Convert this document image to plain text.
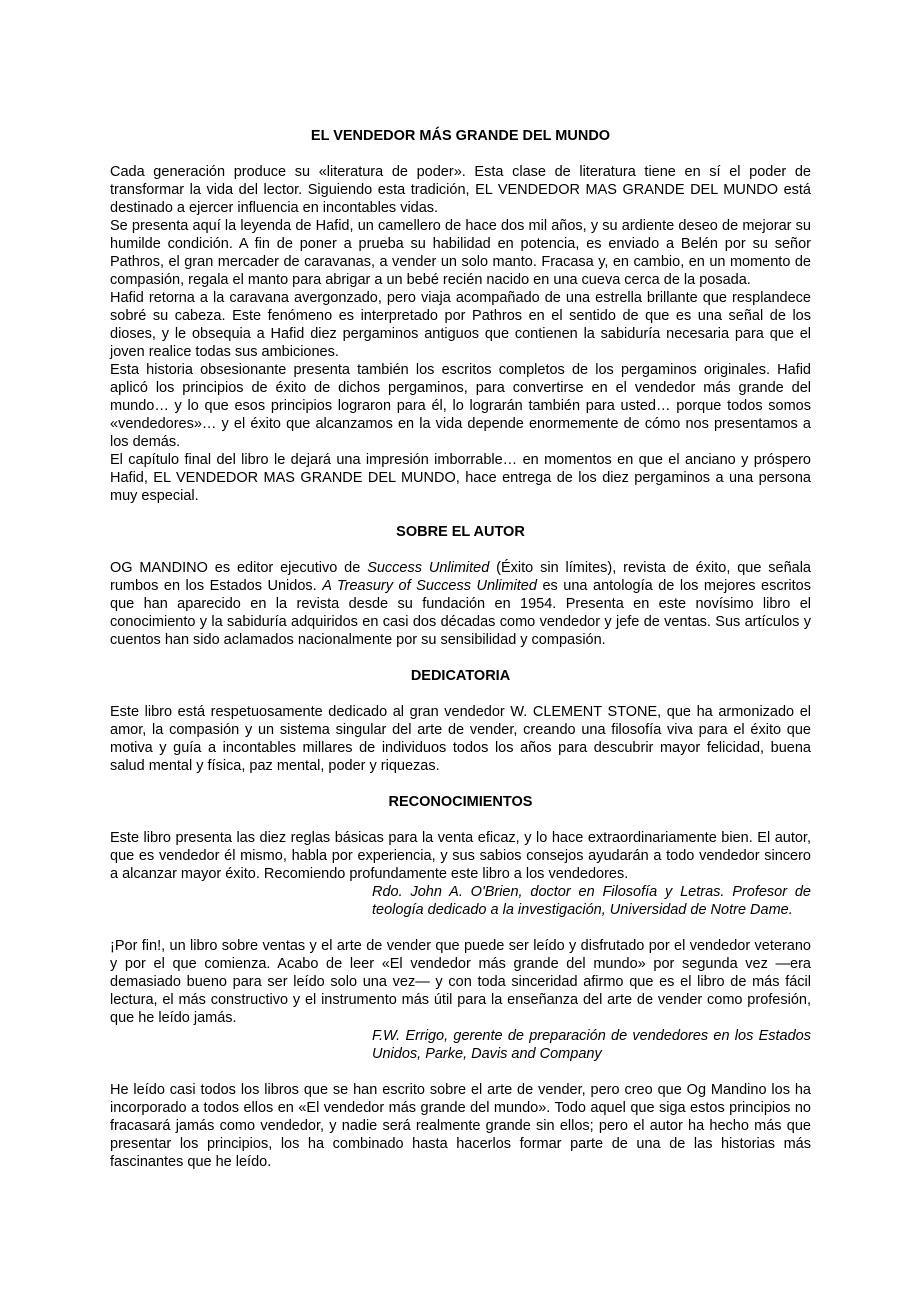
EL VENDEDOR MÁS GRANDE DEL MUNDO

Cada generación produce su «literatura de poder». Esta clase de literatura tiene en sí el poder de transformar la vida del lector. Siguiendo esta tradición, EL VENDEDOR MAS GRANDE DEL MUNDO está destinado a ejercer influencia en incontables vidas.

Se presenta aquí la leyenda de Hafid, un camellero de hace dos mil años, y su ardiente deseo de mejorar su humilde condición. A fin de poner a prueba su habilidad en potencia, es enviado a Belén por su señor Pathros, el gran mercader de caravanas, a vender un solo manto. Fracasa y, en cambio, en un momento de compasión, regala el manto para abrigar a un bebé recién nacido en una cueva cerca de la posada.

Hafid retorna a la caravana avergonzado, pero viaja acompañado de una estrella brillante que resplandece sobré su cabeza. Este fenómeno es interpretado por Pathros en el sentido de que es una señal de los dioses, y le obsequia a Hafid diez pergaminos antiguos que contienen la sabiduría necesaria para que el joven realice todas sus ambiciones.

Esta historia obsesionante presenta también los escritos completos de los pergaminos originales. Hafid aplicó los principios de éxito de dichos pergaminos, para convertirse en el vendedor más grande del mundo… y lo que esos principios lograron para él, lo lograrán también para usted… porque todos somos «vendedores»… y el éxito que alcanzamos en la vida depende enormemente de cómo nos presentamos a los demás.

El capítulo final del libro le dejará una impresión imborrable… en momentos en que el anciano y próspero Hafid, EL VENDEDOR MAS GRANDE DEL MUNDO, hace entrega de los diez pergaminos a una persona muy especial.

SOBRE EL AUTOR

OG MANDINO es editor ejecutivo de Success Unlimited (Éxito sin límites), revista de éxito, que señala rumbos en los Estados Unidos. A Treasury of Success Unlimited es una antología de los mejores escritos que han aparecido en la revista desde su fundación en 1954. Presenta en este novísimo libro el conocimiento y la sabiduría adquiridos en casi dos décadas como vendedor y jefe de ventas. Sus artículos y cuentos han sido aclamados nacionalmente por su sensibilidad y compasión.

DEDICATORIA

Este libro está respetuosamente dedicado al gran vendedor W. CLEMENT STONE, que ha armonizado el amor, la compasión y un sistema singular del arte de vender, creando una filosofía viva para el éxito que motiva y guía a incontables millares de individuos todos los años para descubrir mayor felicidad, buena salud mental y física, paz mental, poder y riquezas.

RECONOCIMIENTOS

Este libro presenta las diez reglas básicas para la venta eficaz, y lo hace extraordinariamente bien. El autor, que es vendedor él mismo, habla por experiencia, y sus sabios consejos ayudarán a todo vendedor sincero a alcanzar mayor éxito. Recomiendo profundamente este libro a los vendedores.

Rdo. John A. O'Brien, doctor en Filosofía y Letras. Profesor de teología dedicado a la investigación, Universidad de Notre Dame.

¡Por fin!, un libro sobre ventas y el arte de vender que puede ser leído y disfrutado por el vendedor veterano y por el que comienza. Acabo de leer «El vendedor más grande del mundo» por segunda vez —era demasiado bueno para ser leído solo una vez— y con toda sinceridad afirmo que es el libro de más fácil lectura, el más constructivo y el instrumento más útil para la enseñanza del arte de vender como profesión, que he leído jamás.

F.W. Errigo, gerente de preparación de vendedores en los Estados Unidos, Parke, Davis and Company

He leído casi todos los libros que se han escrito sobre el arte de vender, pero creo que Og Mandino los ha incorporado a todos ellos en «El vendedor más grande del mundo». Todo aquel que siga estos principios no fracasará jamás como vendedor, y nadie será realmente grande sin ellos; pero el autor ha hecho más que presentar los principios, los ha combinado hasta hacerlos formar parte de una de las historias más fascinantes que he leído.
